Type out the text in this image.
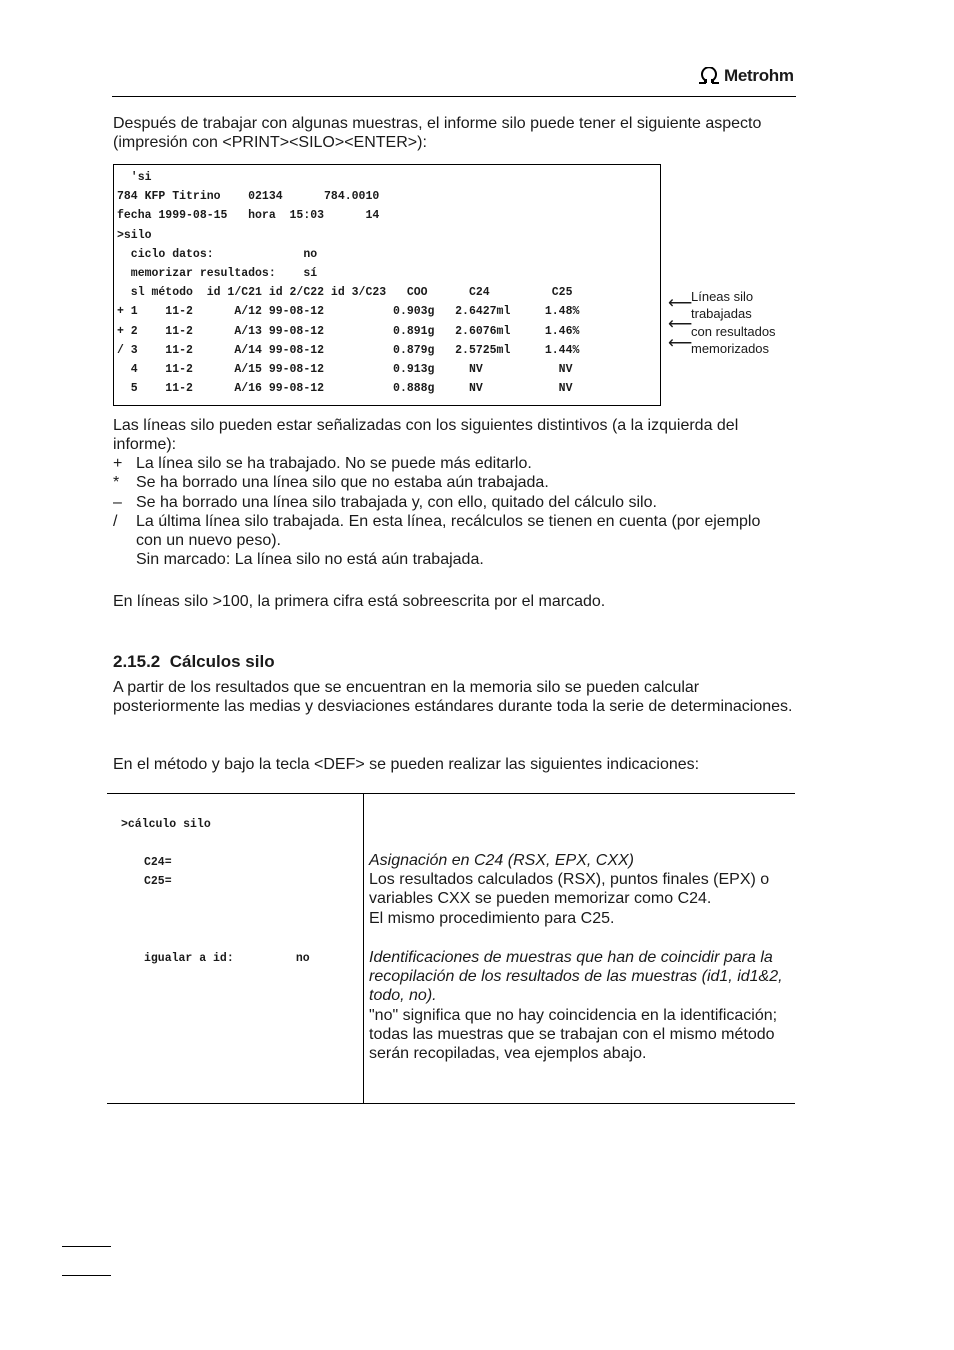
Metrohm

Después de trabajar con algunas muestras, el informe silo puede tener el siguiente aspecto (impresión con <PRINT><SILO><ENTER>):

'si
784 KFP Titrino    02134      784.0010
fecha 1999-08-15   hora  15:03      14
>silo
ciclo datos:             no
memorizar resultados:    sí
sl método  id 1/C21 id 2/C22 id 3/C23   COO      C24         C25
+ 1    11-2      A/12 99-08-12          0.903g   2.6427ml     1.48%
+ 2    11-2      A/13 99-08-12          0.891g   2.6076ml     1.46%
/ 3    11-2      A/14 99-08-12          0.879g   2.5725ml     1.44%
4    11-2      A/15 99-08-12          0.913g     NV           NV
5    11-2      A/16 99-08-12          0.888g     NV           NV
⟵
⟵
⟵
Líneas silo
trabajadas
con resultados
memorizados

Las líneas silo pueden estar señalizadas con los siguientes distintivos (a la izquierda del informe):

+ La línea silo se ha trabajado. No se puede más editarlo.
*	Se ha borrado una línea silo que no estaba aún trabajada.
– Se ha borrado una línea silo trabajada y, con ello, quitado del cálculo silo.
/	La última línea silo trabajada. En esta línea, recálculos se tienen en cuenta (por ejemplo con un nuevo peso).
Sin marcado: La línea silo no está aún trabajada.

En líneas silo >100, la primera cifra está sobreescrita por el marcado.

2.15.2  Cálculos silo

A partir de los resultados que se encuentran en la memoria silo se pueden calcular posteriormente las medias y desviaciones estándares durante toda la serie de determinaciones.

En el método y bajo la tecla <DEF> se pueden realizar las siguientes indicaciones:

>cálculo silo
C24=
C25=
igualar a id:         no
Asignación en C24 (RSX, EPX, CXX)
Los resultados calculados (RSX), puntos finales (EPX) o variables CXX se pueden memorizar como C24.
El mismo procedimiento para C25.
Identificaciones de muestras que han de coincidir para la recopilación de los resultados de las muestras (id1, id1&2, todo, no).
"no" significa que no hay coincidencia en la identificación; todas las muestras que se trabajan con el mismo método serán recopiladas, vea ejemplos abajo.
